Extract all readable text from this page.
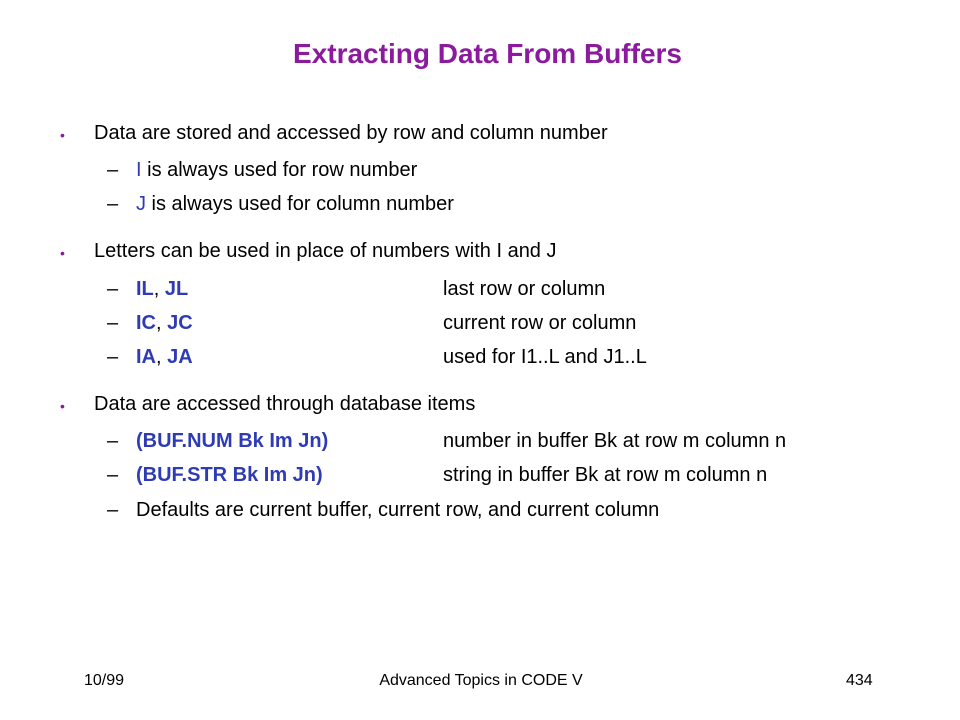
Extracting Data From Buffers
• Data are stored and accessed by row and column number
– I is always used for row number
– J is always used for column number
• Letters can be used in place of numbers with I and J
– IL, JL	last row or column
– IC, JC	current row or column
– IA, JA	used for I1..L and J1..L
• Data are accessed through database items
– (BUF.NUM Bk Im Jn)	number in buffer Bk at row m column n
– (BUF.STR Bk Im Jn)	string in buffer Bk at row m column n
– Defaults are current buffer, current row, and current column
10/99	Advanced Topics in CODE V	434
